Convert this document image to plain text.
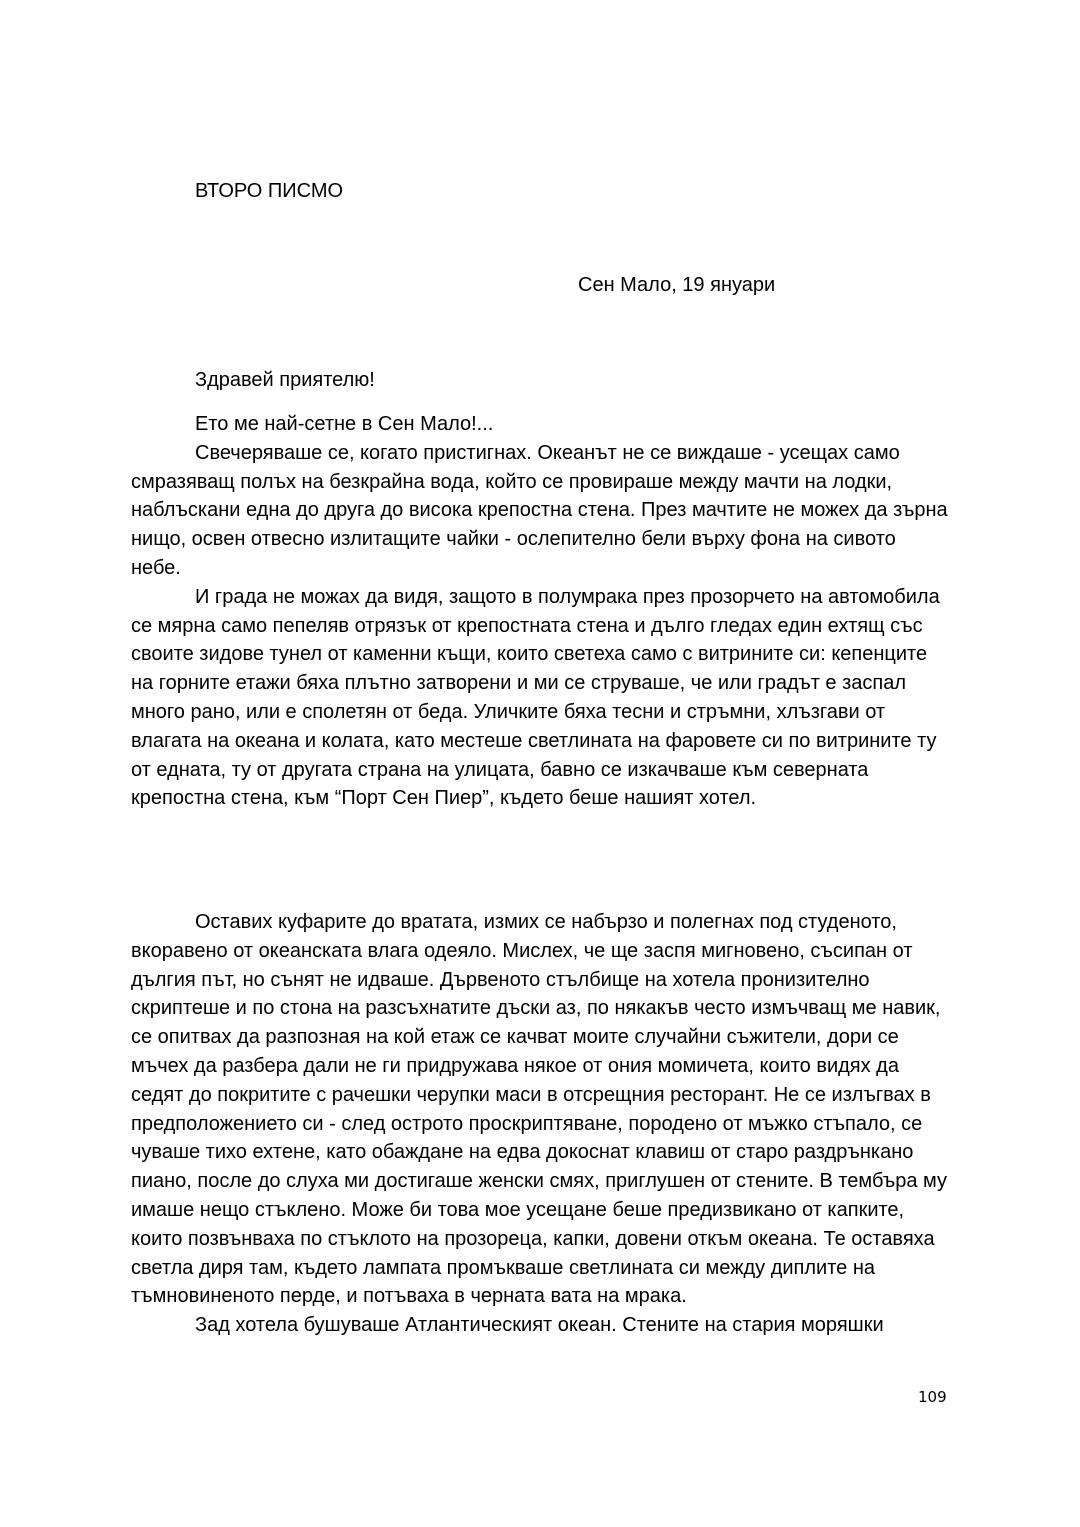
ВТОРО ПИСМО
Сен Мало, 19 януари
Здравей приятелю!

Ето ме най-сетне в Сен Мало!...

Свечеряваше се, когато пристигнах. Океанът не се виждаше - усещах само смразяващ полъх на безкрайна вода, който се провираше между мачти на лодки, наблъскани една до друга до висока крепостна стена. През мачтите не можех да зърна нищо, освен отвесно излитащите чайки - ослепително бели върху фона на сивото небе.

И града не можах да видя, защото в полумрака през прозорчето на автомобила се мярна само пепеляв отрязък от крепостната стена и дълго гледах един ехтящ със своите зидове тунел от каменни къщи, които светеха само с витрините си: кепенците на горните етажи бяха плътно затворени и ми се струваше, че или градът е заспал много рано, или е сполетян от беда. Уличките бяха тесни и стръмни, хлъзгави от влагата на океана и колата, като местеше светлината на фаровете си по витрините ту от едната, ту от другата страна на улицата, бавно се изкачваше към северната крепостна стена, към “Порт Сен Пиер”, където беше нашият хотел.

Оставих куфарите до вратата, измих се набързо и полегнах под студеното, вкоравено от океанската влага одеяло. Мислех, че ще заспя мигновено, съсипан от дългия път, но сънят не идваше. Дървеното стълбище на хотела пронизително скриптеше и по стона на разсъхнатите дъски аз, по някакъв често измъчващ ме навик, се опитвах да разпозная на кой етаж се качват моите случайни съжители, дори се мъчех да разбера дали не ги придружава някое от ония момичета, които видях да седят до покритите с рачешки черупки маси в отсрещния ресторант. Не се излъгвах в предположението си - след острото проскриптяване, породено от мъжко стъпало, се чуваше тихо ехтене, като обаждане на едва докоснат клавиш от старо раздрънкано пиано, после до слуха ми достигаше женски смях, приглушен от стените. В тембъра му имаше нещо стъклено. Може би това мое усещане беше предизвикано от капките, които позвънваха по стъклото на прозореца, капки, довени откъм океана. Те оставяха светла диря там, където лампата промъкваше светлината си между диплите на тъмновиненото перде, и потъваха в черната вата на мрака.

Зад хотела бушуваше Атлантическият океан. Стените на стария моряшки

109
